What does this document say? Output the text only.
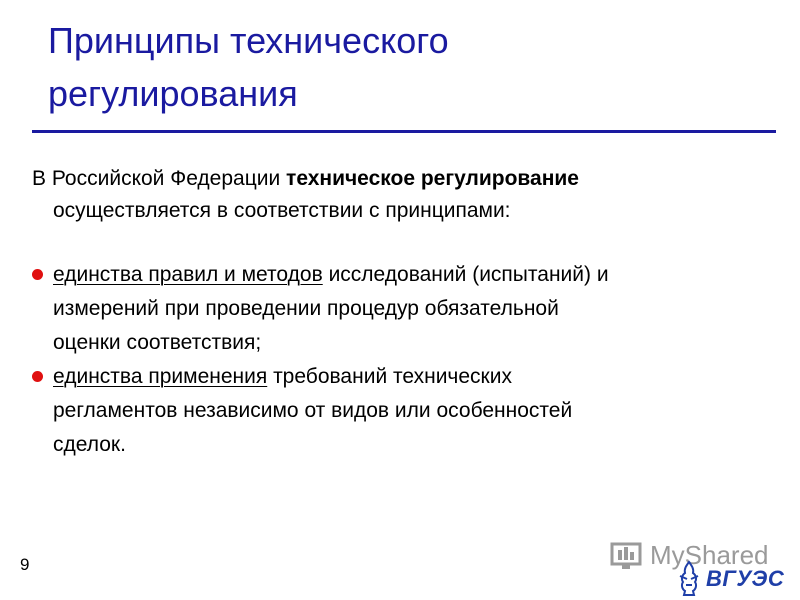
Принципы технического
регулирования
В Российской Федерации техническое регулирование
осуществляется в соответствии с принципами:
единства правил и методов исследований (испытаний) и
измерений при проведении процедур обязательной
оценки соответствия;
единства применения требований технических
регламентов независимо от видов или особенностей
сделок.
9	MyShared
ВГУЭС
